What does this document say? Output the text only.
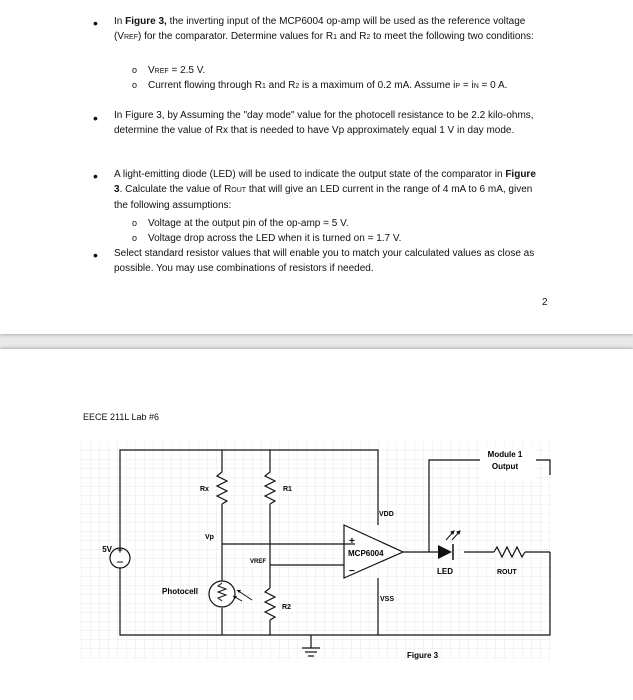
• In Figure 3, the inverting input of the MCP6004 op-amp will be used as the reference voltage (VREF) for the comparator. Determine values for R1 and R2 to meet the following two conditions:
o VREF = 2.5 V.
o Current flowing through R1 and R2 is a maximum of 0.2 mA. Assume iP = iN = 0 A.
• In Figure 3, by Assuming the "day mode" value for the photocell resistance to be 2.2 kilo-ohms, determine the value of Rx that is needed to have Vp approximately equal 1 V in day mode.
• A light-emitting diode (LED) will be used to indicate the output state of the comparator in Figure 3. Calculate the value of ROUT that will give an LED current in the range of 4 mA to 6 mA, given the following assumptions:
o Voltage at the output pin of the op-amp = 5 V.
o Voltage drop across the LED when it is turned on = 1.7 V.
• Select standard resistor values that will enable you to match your calculated values as close as possible. You may use combinations of resistors if needed.
2
EECE 211L Lab #6
+
5V
Rx	R1
R2
Vp
VREF
Photocell
VDD
VSS
MCP6004
+
−	LED	ROUT
Module 1
Output
Figure 3
